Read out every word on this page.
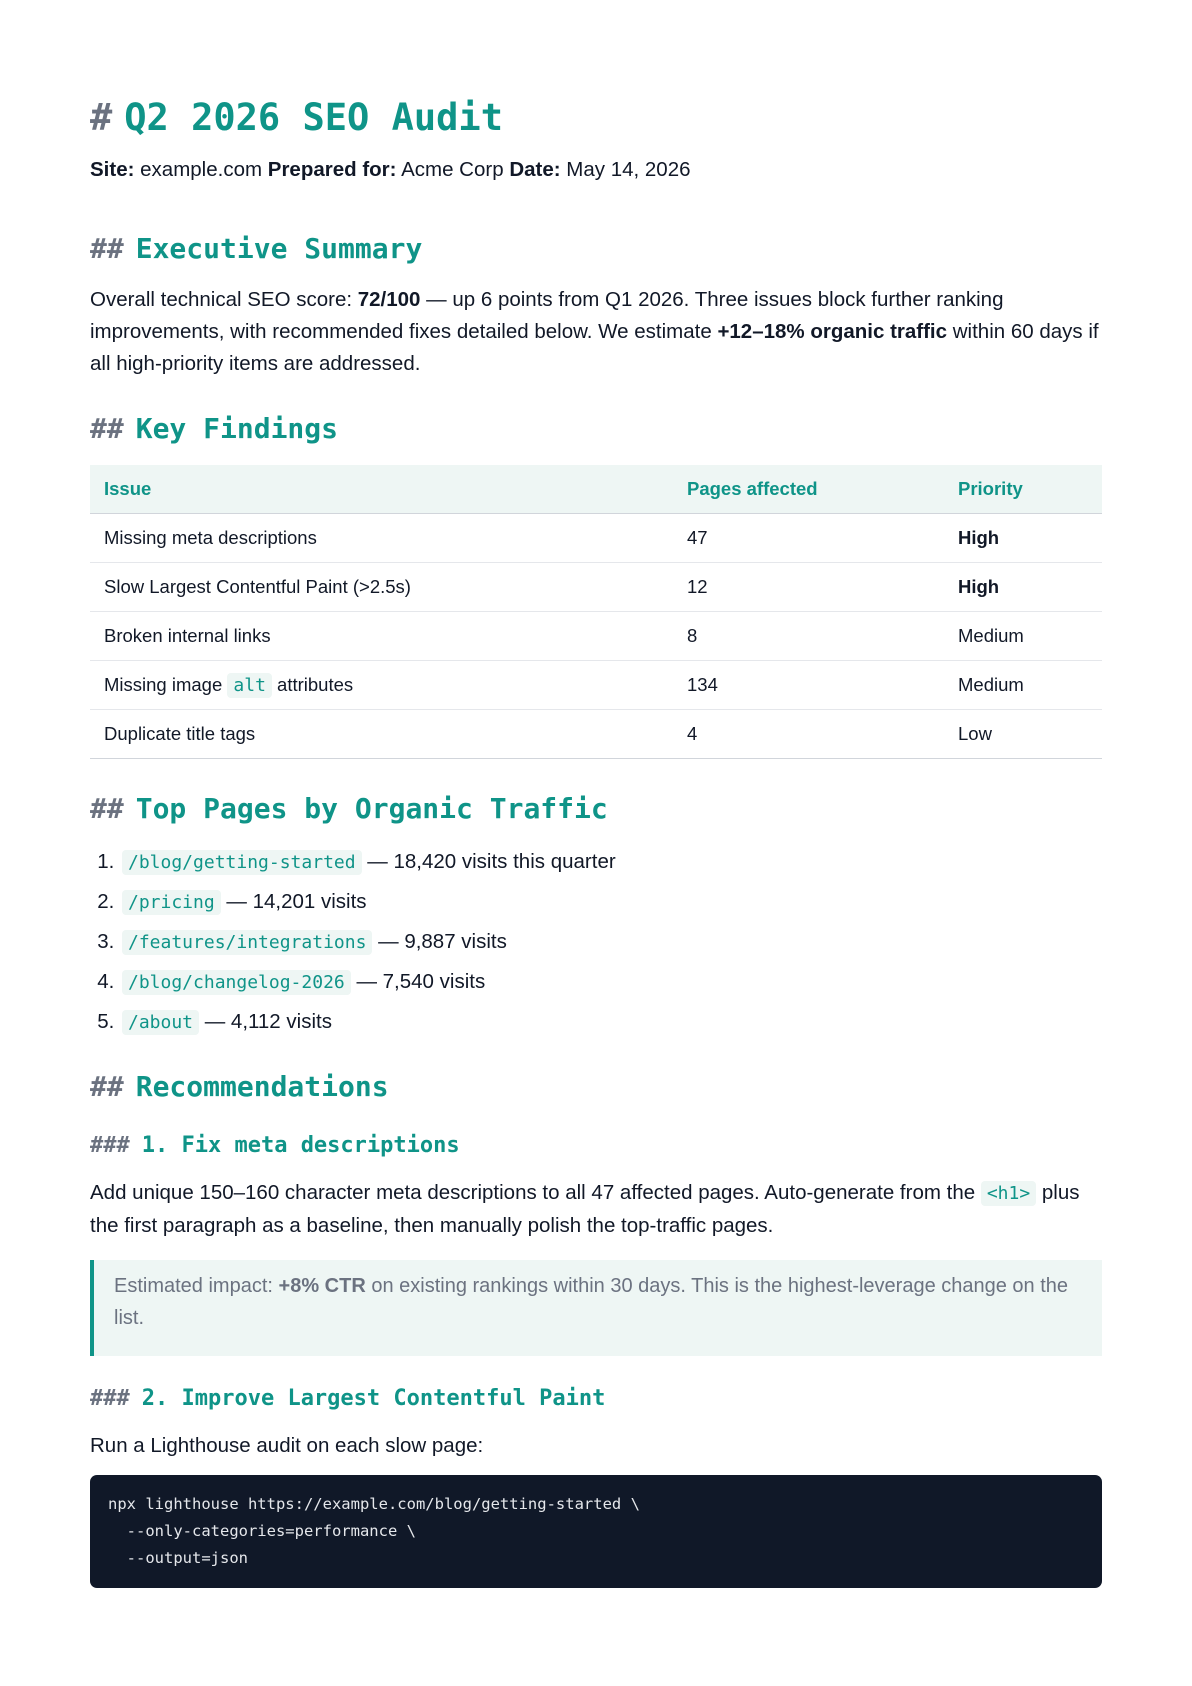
# Q2 2026 SEO Audit

Site: example.com Prepared for: Acme Corp Date: May 14, 2026

## Executive Summary

Overall technical SEO score: 72/100 — up 6 points from Q1 2026. Three issues block further ranking improvements, with recommended fixes detailed below. We estimate +12–18% organic traffic within 60 days if all high-priority items are addressed.

## Key Findings
Issue	Pages affected	Priority
Missing meta descriptions	47	High
Slow Largest Contentful Paint (>2.5s)	12	High
Broken internal links	8	Medium
Missing image alt attributes	134	Medium
Duplicate title tags	4	Low
## Top Pages by Organic Traffic
1. /blog/getting-started — 18,420 visits this quarter
2. /pricing — 14,201 visits
3. /features/integrations — 9,887 visits
4. /blog/changelog-2026 — 7,540 visits
5. /about — 4,112 visits
## Recommendations
### 1. Fix meta descriptions

Add unique 150–160 character meta descriptions to all 47 affected pages. Auto-generate from the <h1> plus the first paragraph as a baseline, then manually polish the top-traffic pages.

Estimated impact: +8% CTR on existing rankings within 30 days. This is the highest-leverage change on the list.
### 2. Improve Largest Contentful Paint

Run a Lighthouse audit on each slow page:

npx lighthouse https://example.com/blog/getting-started \
--only-categories=performance \
--output=json
